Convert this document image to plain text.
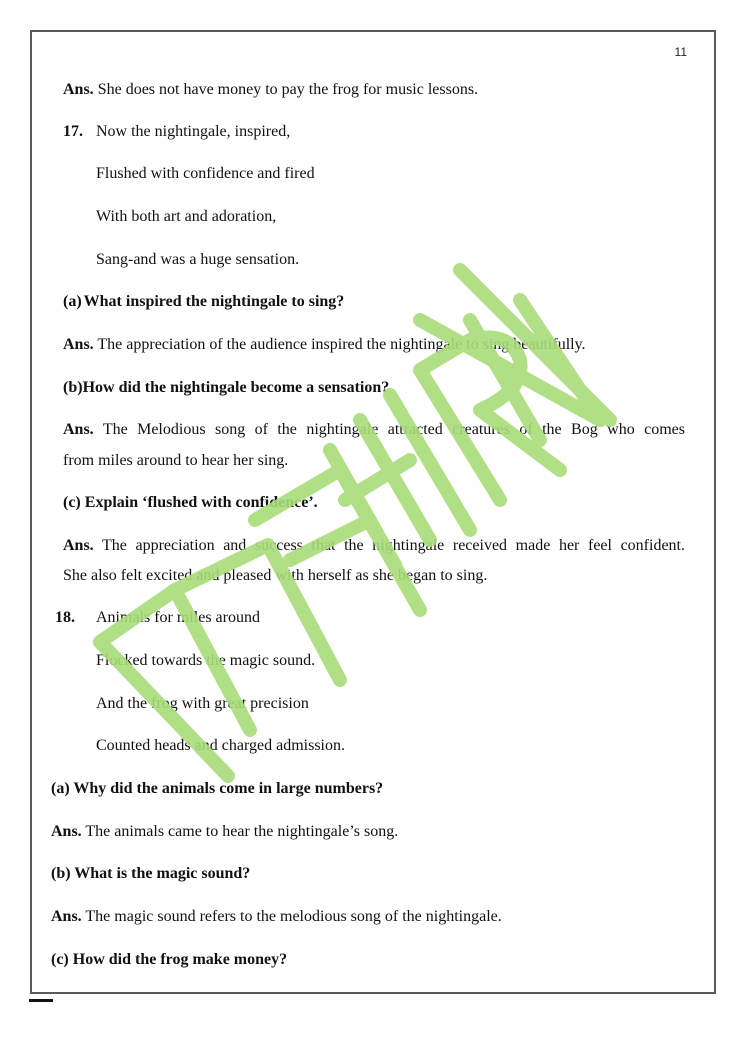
11
Ans. She does not have money to pay the frog for music lessons.
17. Now the nightingale, inspired,
Flushed with confidence and fired
With both art and adoration,
Sang-and was a huge sensation.
(a) What inspired the nightingale to sing?
Ans. The appreciation of the audience inspired the nightingale to sing beautifully.
(b)How did the nightingale become a sensation?
Ans. The Melodious song of the nightingale attracted creatures of the Bog who comes
from miles around to hear her sing.
(c) Explain ‘flushed with confidence’.
Ans. The appreciation and success that the nightingale received made her feel confident.
She also felt excited and pleased with herself as she began to sing.
18. Animals for miles around
Flocked towards the magic sound.
And the frog with great precision
Counted heads and charged admission.
(a) Why did the animals come in large numbers?
Ans. The animals came to hear the nightingale’s song.
(b) What is the magic sound?
Ans. The magic sound refers to the melodious song of the nightingale.
(c) How did the frog make money?
